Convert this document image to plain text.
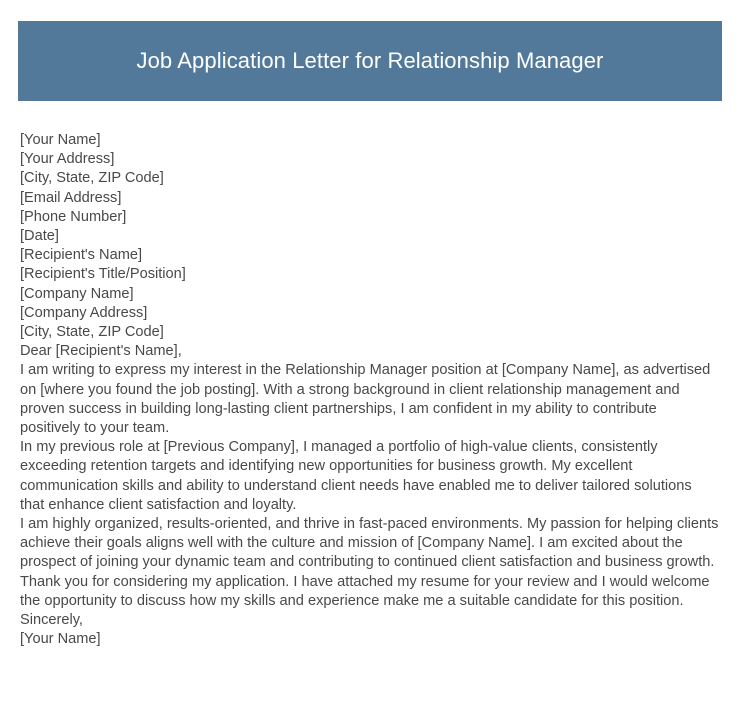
Job Application Letter for Relationship Manager

[Your Name]

[Your Address]

[City, State, ZIP Code]

[Email Address]

[Phone Number]

[Date]

[Recipient's Name]

[Recipient's Title/Position]

[Company Name]

[Company Address]

[City, State, ZIP Code]

Dear [Recipient's Name],

I am writing to express my interest in the Relationship Manager position at [Company Name], as advertised on [where you found the job posting]. With a strong background in client relationship management and proven success in building long-lasting client partnerships, I am confident in my ability to contribute positively to your team.

In my previous role at [Previous Company], I managed a portfolio of high-value clients, consistently exceeding retention targets and identifying new opportunities for business growth. My excellent communication skills and ability to understand client needs have enabled me to deliver tailored solutions that enhance client satisfaction and loyalty.

I am highly organized, results-oriented, and thrive in fast-paced environments. My passion for helping clients achieve their goals aligns well with the culture and mission of [Company Name]. I am excited about the prospect of joining your dynamic team and contributing to continued client satisfaction and business growth.

Thank you for considering my application. I have attached my resume for your review and I would welcome the opportunity to discuss how my skills and experience make me a suitable candidate for this position.

Sincerely,

[Your Name]
